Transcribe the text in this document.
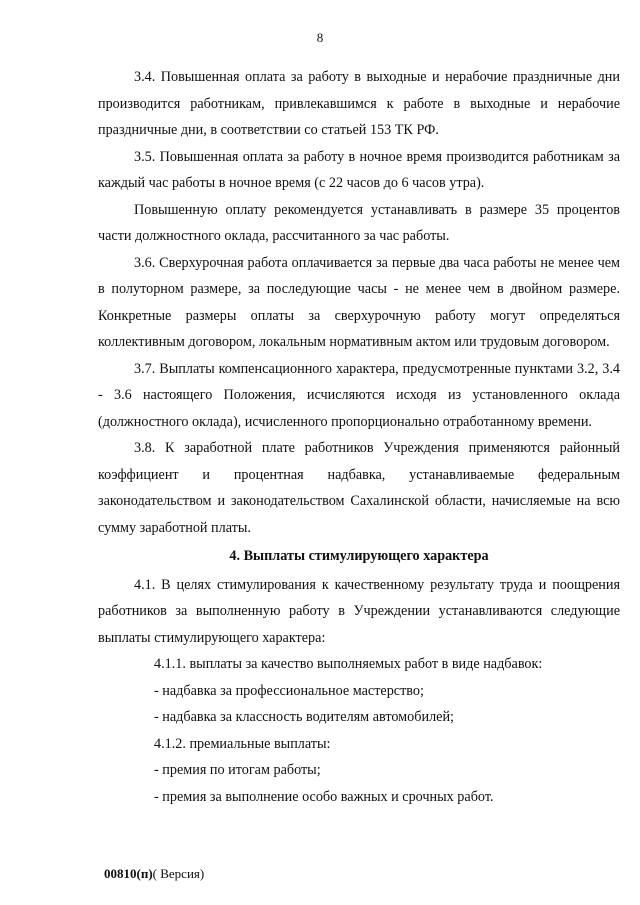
8

3.4. Повышенная оплата за работу в выходные и нерабочие праздничные дни производится работникам, привлекавшимся к работе в выходные и нерабочие праздничные дни, в соответствии со статьей 153 ТК РФ.

3.5. Повышенная оплата за работу в ночное время производится работникам за каждый час работы в ночное время (с 22 часов до 6 часов утра).

Повышенную оплату рекомендуется устанавливать в размере 35 процентов части должностного оклада, рассчитанного за час работы.

3.6. Сверхурочная работа оплачивается за первые два часа работы не менее чем в полуторном размере, за последующие часы - не менее чем в двойном размере. Конкретные размеры оплаты за сверхурочную работу могут определяться коллективным договором, локальным нормативным актом или трудовым договором.

3.7. Выплаты компенсационного характера, предусмотренные пунктами 3.2, 3.4 - 3.6 настоящего Положения, исчисляются исходя из установленного оклада (должностного оклада), исчисленного пропорционально отработанному времени.

3.8. К заработной плате работников Учреждения применяются районный коэффициент и процентная надбавка, устанавливаемые федеральным законодательством и законодательством Сахалинской области, начисляемые на всю сумму заработной платы.

4. Выплаты стимулирующего характера

4.1. В целях стимулирования к качественному результату труда и поощрения работников за выполненную работу в Учреждении устанавливаются следующие выплаты стимулирующего характера:

4.1.1. выплаты за качество выполняемых работ в виде надбавок:

- надбавка за профессиональное мастерство;

- надбавка за классность водителям автомобилей;

4.1.2. премиальные выплаты:

- премия по итогам работы;

- премия за выполнение особо важных и срочных работ.

00810(п)( Версия)
